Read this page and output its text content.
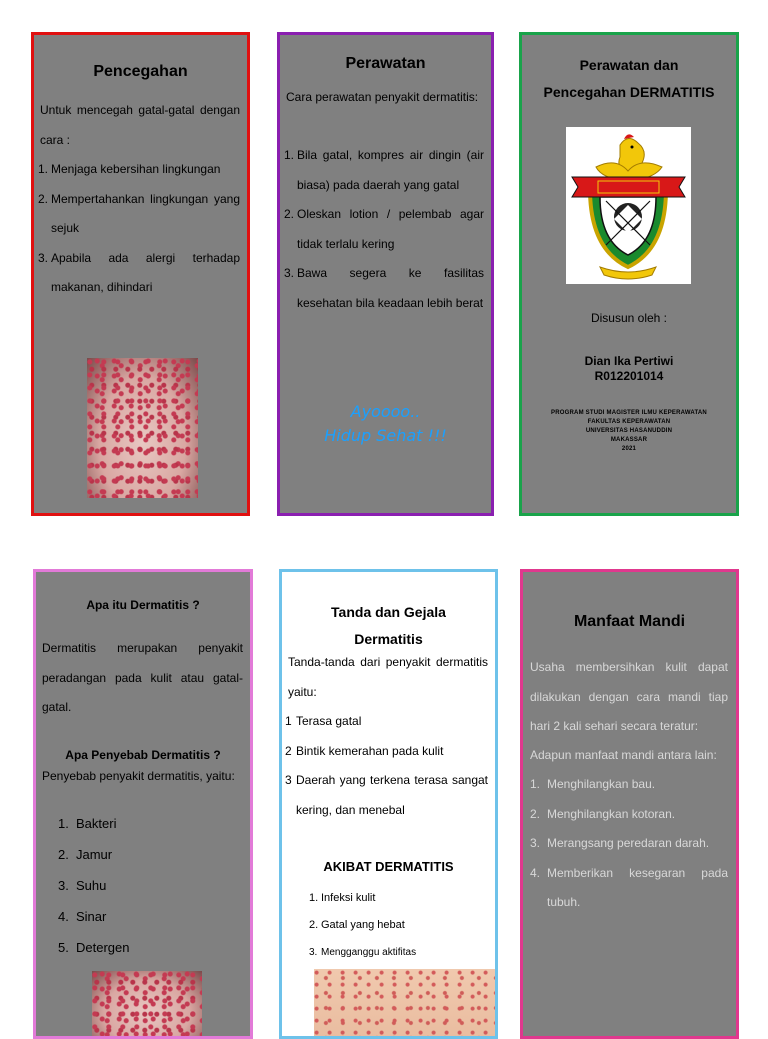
Pencegahan
Untuk mencegah gatal-gatal dengan cara :
1. Menjaga kebersihan lingkungan
2. Mempertahankan lingkungan yang sejuk
3. Apabila ada alergi terhadap makanan, dihindari
Perawatan
Cara perawatan penyakit dermatitis:
1. Bila gatal, kompres air dingin (air biasa) pada daerah yang gatal
2. Oleskan lotion / pelembab agar tidak terlalu kering
3. Bawa segera ke fasilitas kesehatan bila keadaan lebih berat
Ayoooo..
Hidup Sehat !!!
Perawatan dan
Pencegahan DERMATITIS
Disusun oleh :
Dian Ika Pertiwi
R012201014
PROGRAM STUDI MAGISTER ILMU KEPERAWATAN
FAKULTAS KEPERAWATAN
UNIVERSITAS HASANUDDIN
MAKASSAR
2021
Apa itu Dermatitis ?
Dermatitis merupakan penyakit peradangan pada kulit atau gatal-gatal.
Apa Penyebab Dermatitis ?
Penyebab penyakit dermatitis, yaitu:
1. Bakteri
2. Jamur
3. Suhu
4. Sinar
5. Detergen
Tanda dan Gejala
Dermatitis
Tanda-tanda dari penyakit dermatitis yaitu:
1 Terasa gatal
2 Bintik kemerahan pada kulit
3 Daerah yang terkena terasa sangat kering, dan menebal
AKIBAT DERMATITIS
1. Infeksi kulit
2. Gatal yang hebat
3. Mengganggu aktifitas
Manfaat Mandi
Usaha membersihkan kulit dapat dilakukan dengan cara mandi tiap hari 2 kali sehari secara teratur:
Adapun manfaat mandi antara lain:
1. Menghilangkan bau.
2. Menghilangkan kotoran.
3. Merangsang peredaran darah.
4. Memberikan kesegaran pada tubuh.
